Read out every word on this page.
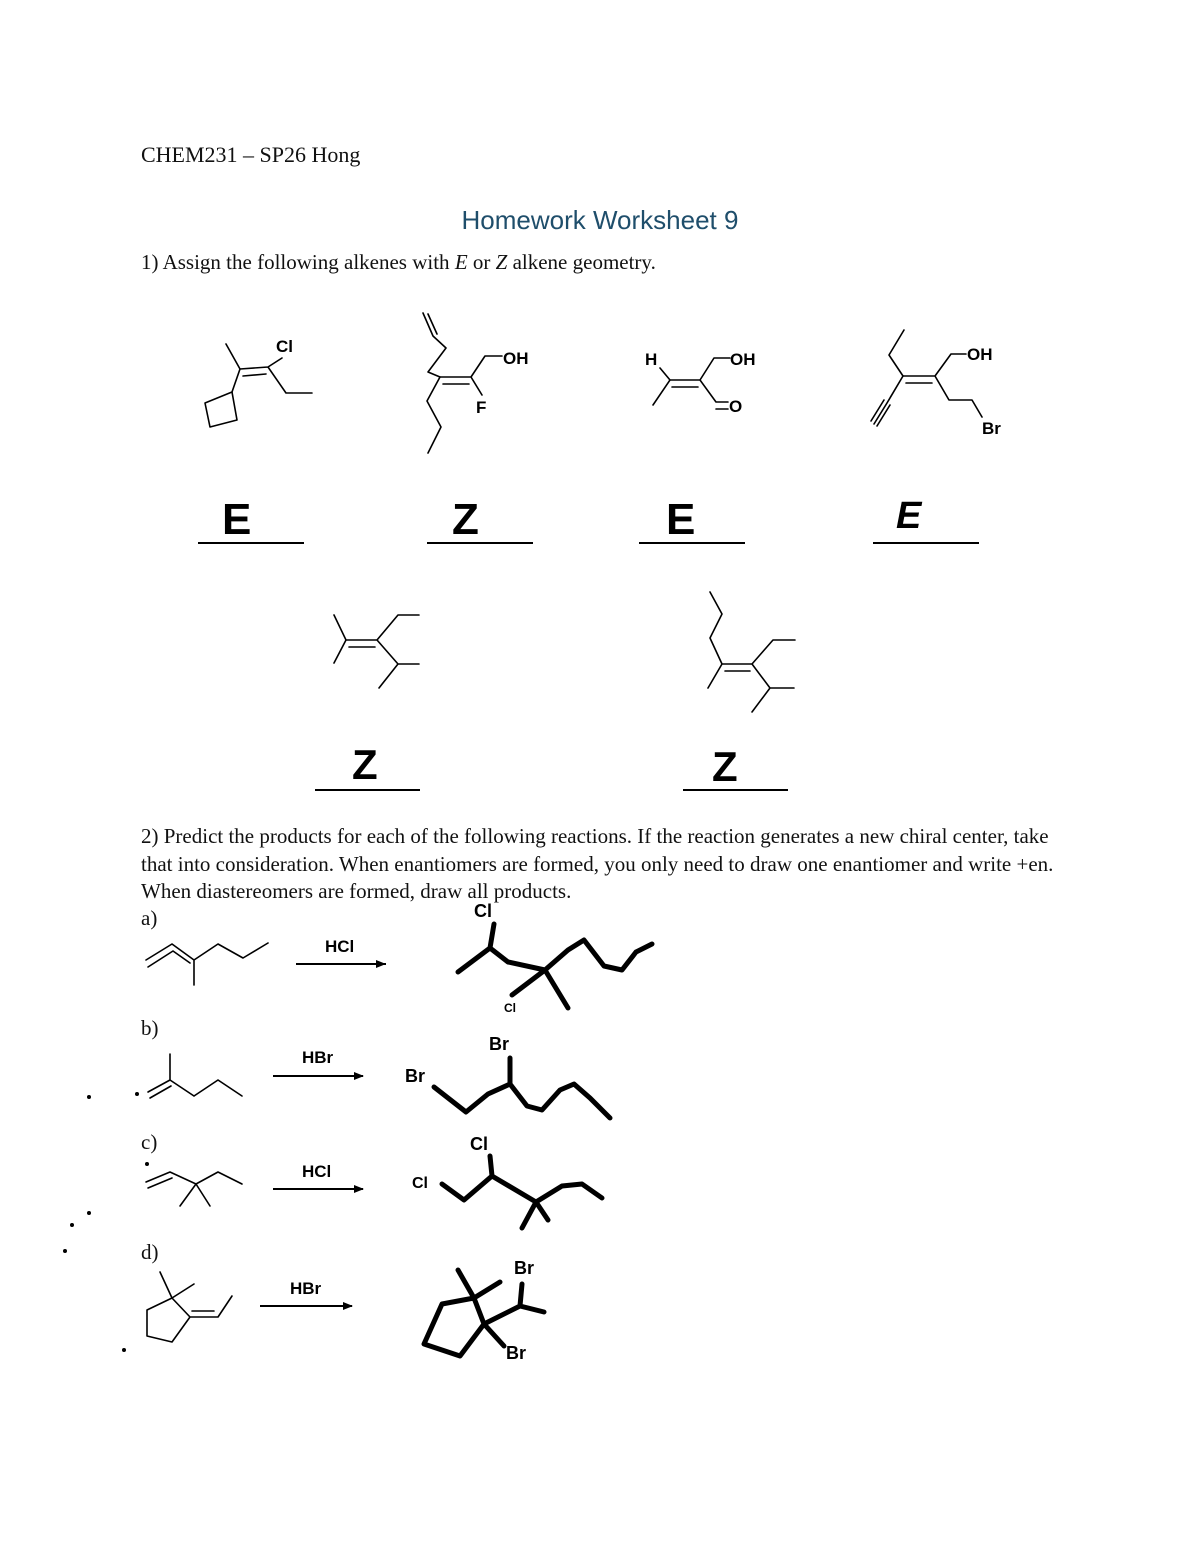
CHEM231 – SP26 Hong
Homework Worksheet 9
1) Assign the following alkenes with E or Z alkene geometry.
2) Predict the products for each of the following reactions. If the reaction generates a new chiral center, take that into consideration. When enantiomers are formed, you only need to draw one enantiomer and write +en. When diastereomers are formed, draw all products.
a)
b)
c)
d)
Cl
OH
F
H	OH
O
OH
Br
E	Z	E	E
Z	Z
HCl
Cl
Cl
HBr
Br
Br
HCl
Cl
Cl
HBr
Br
Br
